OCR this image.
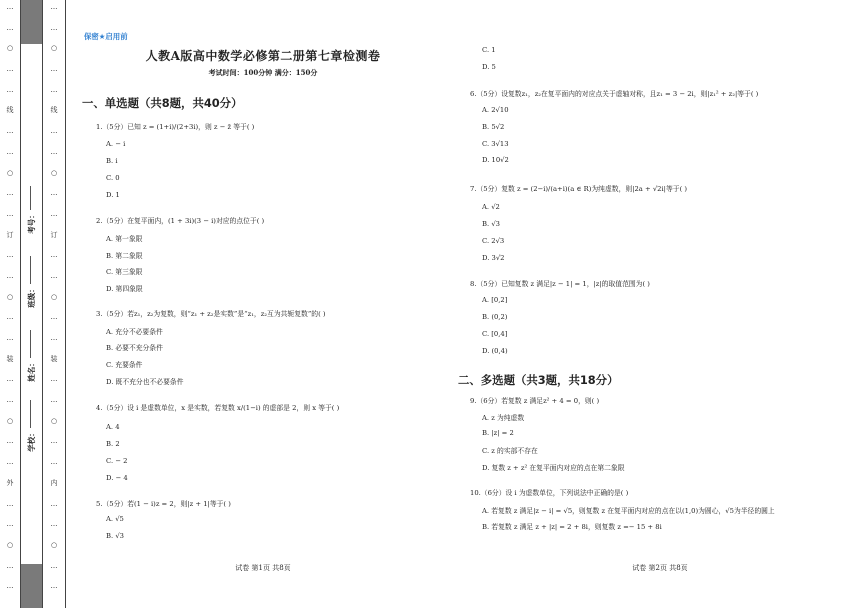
…
…
○
…
…
线
…
…
○
…
…
订
…
…
○
…
…
装
…
…
○
…
…
外
…
…
○
…
…
…
…
○
…
…
线
…
…
○
…
…
订
…
…
○
…
…
装
…
…
○
…
…
内
…
…
○
…
…
考号：
班级：
姓名：
学校：
保密★启用前
人教A版高中数学必修第二册第七章检测卷
考试时间：100分钟 满分：150分
一、单选题（共8题，共40分）
1.（5分）已知 z = (1+i)/(2+3i)，则 z − z̄ 等于( )
A. − i
B. i
C. 0
D. 1
2.（5分）在复平面内，(1 + 3i)(3 − i)对应的点位于( )
A. 第一象限
B. 第二象限
C. 第三象限
D. 第四象限
3.（5分）若z₁，z₂为复数，则“z₁ + z₂是实数”是“z₁，z₂互为共轭复数”的( )
A. 充分不必要条件
B. 必要不充分条件
C. 充要条件
D. 既不充分也不必要条件
4.（5分）设 i 是虚数单位，x 是实数，若复数 x/(1−i) 的虚部是 2，则 x 等于( )
A. 4
B. 2
C. − 2
D. − 4
5.（5分）若(1 − i)z = 2，则|z + 1|等于( )
A. √5
B. √3
试卷 第1页 共8页
C. 1
D. 5
6.（5分）设复数z₁，z₂在复平面内的对应点关于虚轴对称，且z₁ = 3 − 2i，则|z₁² + z₂|等于( )
A. 2√10
B. 5√2
C. 3√13
D. 10√2
7.（5分）复数 z = (2−i)/(a+i)(a ∈ R)为纯虚数，则|2a + √2i|等于( )
A. √2
B. √3
C. 2√3
D. 3√2
8.（5分）已知复数 z 满足|z − 1| = 1，|z|的取值范围为( )
A. [0,2]
B. (0,2)
C. [0,4]
D. (0,4)
二、多选题（共3题，共18分）
9.（6分）若复数 z 满足z² + 4 = 0，则( )
A. z 为纯虚数
B. |z| = 2
C. z 的实部不存在
D. 复数 z + z² 在复平面内对应的点在第二象限
10.（6分）设 i 为虚数单位，下列说法中正确的是( )
A. 若复数 z 满足|z − i| = √5，则复数 z 在复平面内对应的点在以(1,0)为圆心，√5为半径的圆上
B. 若复数 z 满足 z + |z| = 2 + 8i，则复数 z =− 15 + 8i
试卷 第2页 共8页
